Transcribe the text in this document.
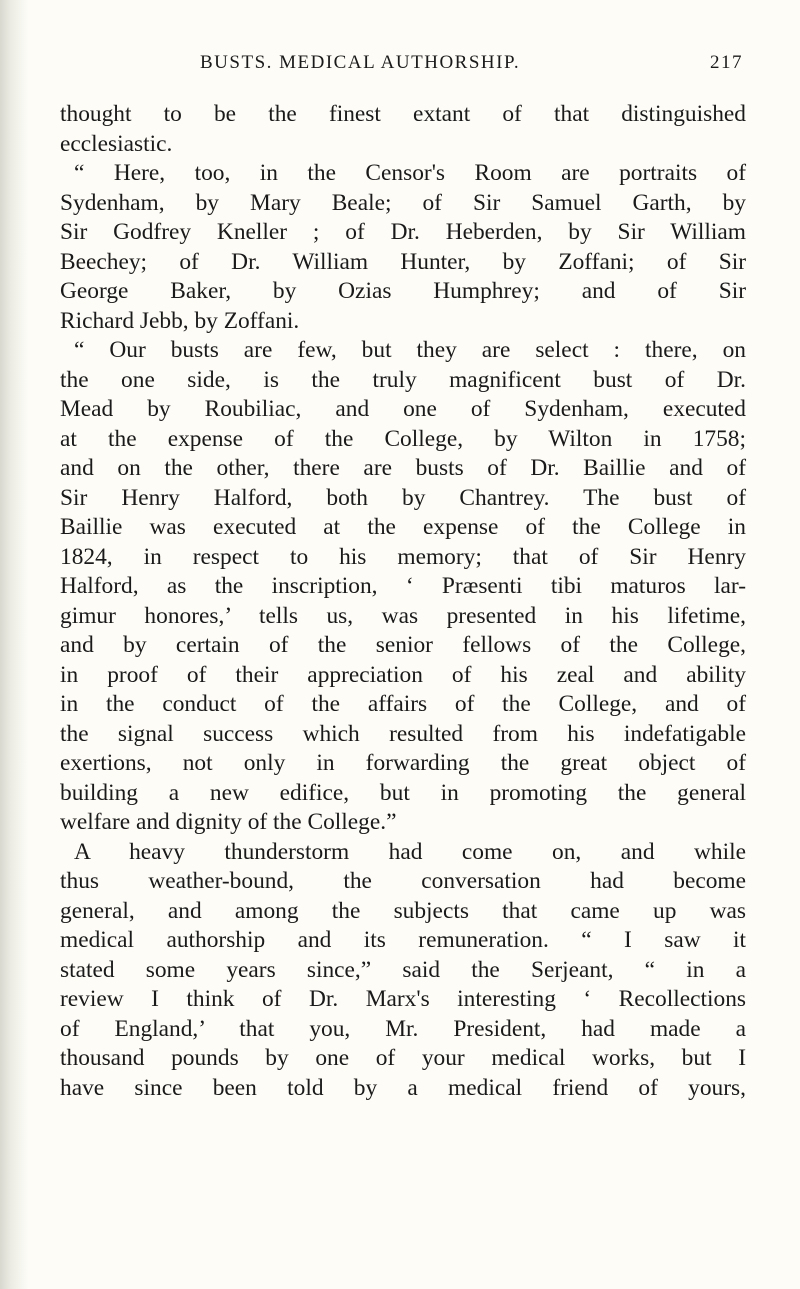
BUSTS. MEDICAL AUTHORSHIP.	217
thought to be the finest extant of that distinguished
ecclesiastic.
“ Here, too, in the Censor's Room are portraits of
Sydenham, by Mary Beale; of Sir Samuel Garth, by
Sir Godfrey Kneller ; of Dr. Heberden, by Sir William
Beechey; of Dr. William Hunter, by Zoffani; of Sir
George Baker, by Ozias Humphrey; and of Sir
Richard Jebb, by Zoffani.
“ Our busts are few, but they are select : there, on
the one side, is the truly magnificent bust of Dr.
Mead by Roubiliac, and one of Sydenham, executed
at the expense of the College, by Wilton in 1758;
and on the other, there are busts of Dr. Baillie and of
Sir Henry Halford, both by Chantrey. The bust of
Baillie was executed at the expense of the College in
1824, in respect to his memory; that of Sir Henry
Halford, as the inscription, ‘ Præsenti tibi maturos lar-
gimur honores,’ tells us, was presented in his lifetime,
and by certain of the senior fellows of the College,
in proof of their appreciation of his zeal and ability
in the conduct of the affairs of the College, and of
the signal success which resulted from his indefatigable
exertions, not only in forwarding the great object of
building a new edifice, but in promoting the general
welfare and dignity of the College.”
A heavy thunderstorm had come on, and while
thus weather-bound, the conversation had become
general, and among the subjects that came up was
medical authorship and its remuneration. “ I saw it
stated some years since,” said the Serjeant, “ in a
review I think of Dr. Marx's interesting ‘ Recollections
of England,’ that you, Mr. President, had made a
thousand pounds by one of your medical works, but I
have since been told by a medical friend of yours,
